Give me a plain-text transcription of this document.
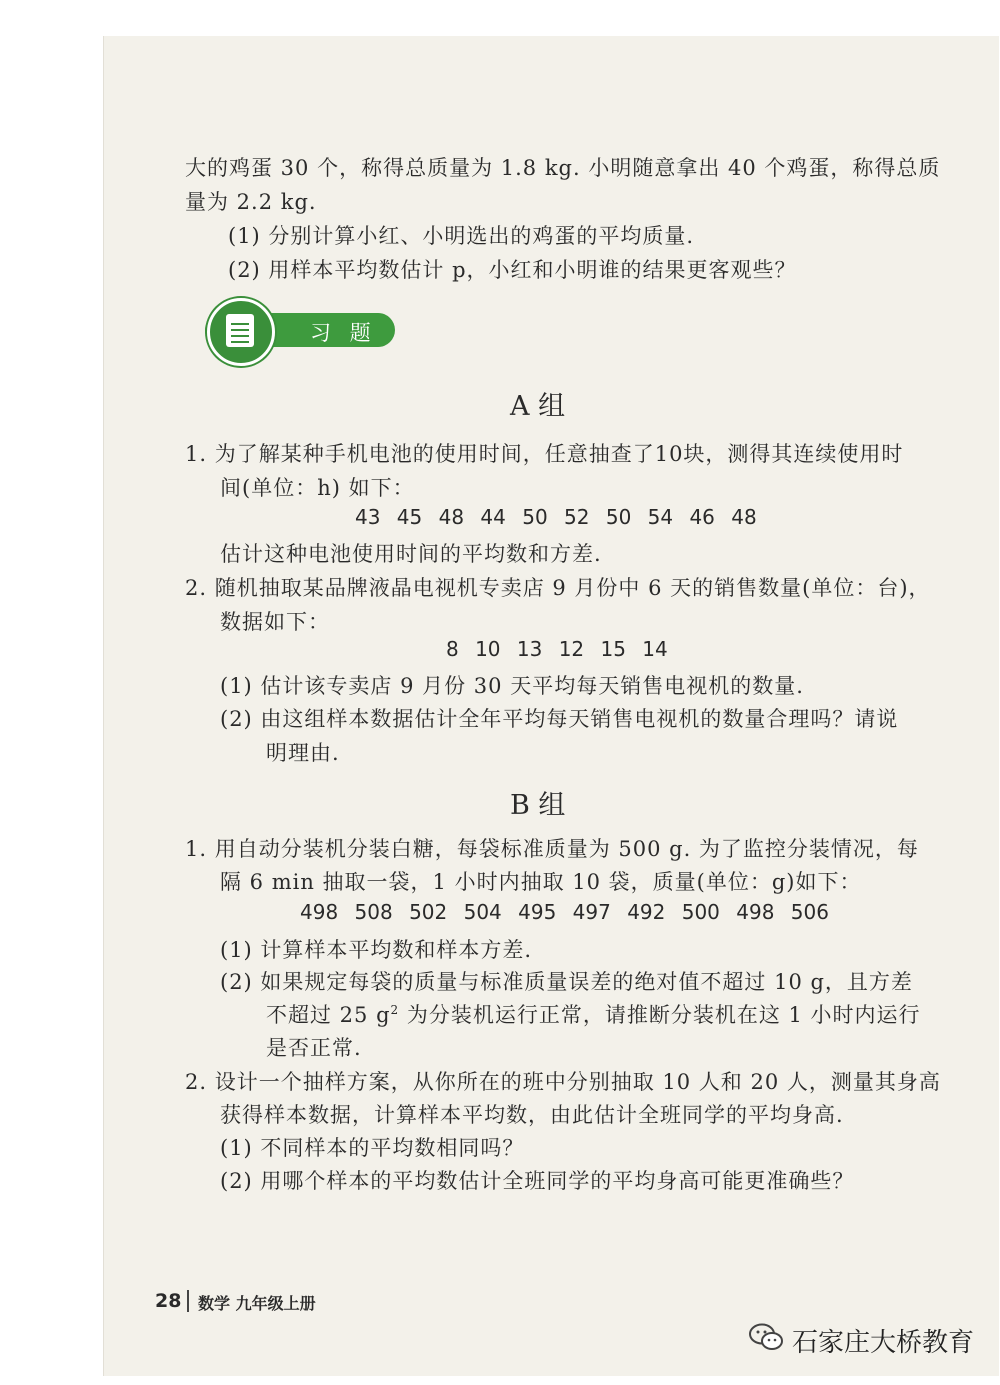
大的鸡蛋 30 个，称得总质量为 1.8 kg. 小明随意拿出 40 个鸡蛋，称得总质
量为 2.2 kg.
(1) 分别计算小红、小明选出的鸡蛋的平均质量.
(2) 用样本平均数估计 p，小红和小明谁的结果更客观些？
习 题
A 组
1. 为了解某种手机电池的使用时间，任意抽查了10块，测得其连续使用时
间(单位：h) 如下：
43 45 48 44 50 52 50 54 46 48
估计这种电池使用时间的平均数和方差.
2. 随机抽取某品牌液晶电视机专卖店 9 月份中 6 天的销售数量(单位：台)，
数据如下：
8 10 13 12 15 14
(1) 估计该专卖店 9 月份 30 天平均每天销售电视机的数量.
(2) 由这组样本数据估计全年平均每天销售电视机的数量合理吗？请说
明理由.
B 组
1. 用自动分装机分装白糖，每袋标准质量为 500 g. 为了监控分装情况，每
隔 6 min 抽取一袋，1 小时内抽取 10 袋，质量(单位：g)如下：
498 508 502 504 495 497 492 500 498 506
(1) 计算样本平均数和样本方差.
(2) 如果规定每袋的质量与标准质量误差的绝对值不超过 10 g，且方差
不超过 25 $g^2$ 为分装机运行正常，请推断分装机在这 1 小时内运行
是否正常.
2. 设计一个抽样方案，从你所在的班中分别抽取 10 人和 20 人，测量其身高
获得样本数据，计算样本平均数，由此估计全班同学的平均身高.
(1) 不同样本的平均数相同吗？
(2) 用哪个样本的平均数估计全班同学的平均身高可能更准确些？
28 数学 九年级上册
石家庄大桥教育
